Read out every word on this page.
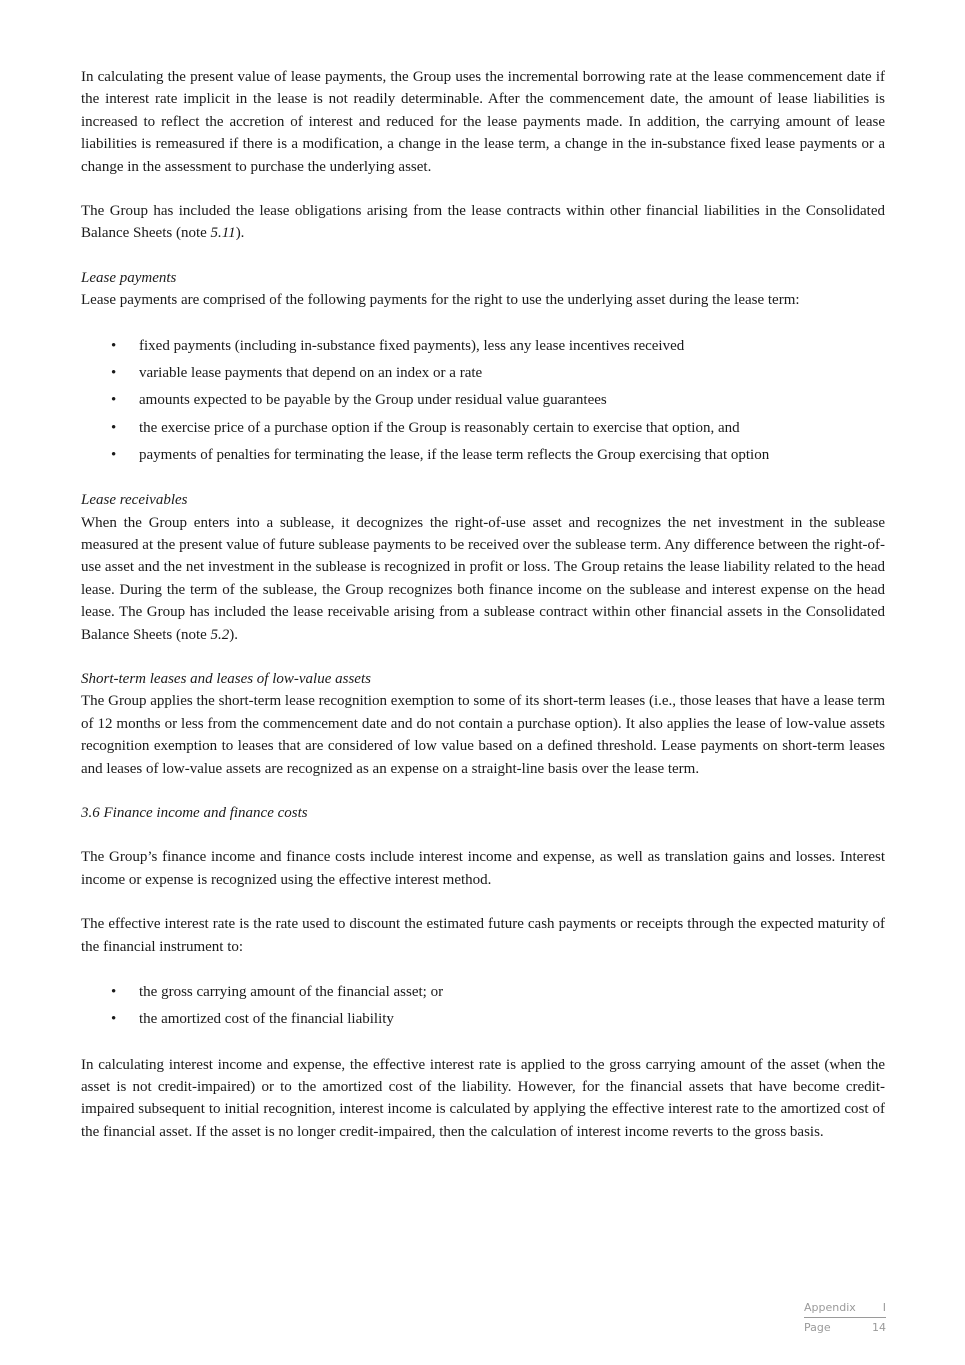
In calculating the present value of lease payments, the Group uses the incremental borrowing rate at the lease commencement date if the interest rate implicit in the lease is not readily determinable. After the commencement date, the amount of lease liabilities is increased to reflect the accretion of interest and reduced for the lease payments made. In addition, the carrying amount of lease liabilities is remeasured if there is a modification, a change in the lease term, a change in the in-substance fixed lease payments or a change in the assessment to purchase the underlying asset.

The Group has included the lease obligations arising from the lease contracts within other financial liabilities in the Consolidated Balance Sheets (note 5.11).

Lease payments

Lease payments are comprised of the following payments for the right to use the underlying asset during the lease term:

• fixed payments (including in-substance fixed payments), less any lease incentives received
• variable lease payments that depend on an index or a rate
• amounts expected to be payable by the Group under residual value guarantees
• the exercise price of a purchase option if the Group is reasonably certain to exercise that option, and
• payments of penalties for terminating the lease, if the lease term reflects the Group exercising that option

Lease receivables

When the Group enters into a sublease, it decognizes the right-of-use asset and recognizes the net investment in the sublease measured at the present value of future sublease payments to be received over the sublease term. Any difference between the right-of-use asset and the net investment in the sublease is recognized in profit or loss. The Group retains the lease liability related to the head lease. During the term of the sublease, the Group recognizes both finance income on the sublease and interest expense on the head lease. The Group has included the lease receivable arising from a sublease contract within other financial assets in the Consolidated Balance Sheets (note 5.2).

Short-term leases and leases of low-value assets

The Group applies the short-term lease recognition exemption to some of its short-term leases (i.e., those leases that have a lease term of 12 months or less from the commencement date and do not contain a purchase option). It also applies the lease of low-value assets recognition exemption to leases that are considered of low value based on a defined threshold. Lease payments on short-term leases and leases of low-value assets are recognized as an expense on a straight-line basis over the lease term.

3.6 Finance income and finance costs

The Group’s finance income and finance costs include interest income and expense, as well as translation gains and losses. Interest income or expense is recognized using the effective interest method.

The effective interest rate is the rate used to discount the estimated future cash payments or receipts through the expected maturity of the financial instrument to:

• the gross carrying amount of the financial asset; or
• the amortized cost of the financial liability

In calculating interest income and expense, the effective interest rate is applied to the gross carrying amount of the asset (when the asset is not credit-impaired) or to the amortized cost of the liability. However, for the financial assets that have become credit-impaired subsequent to initial recognition, interest income is calculated by applying the effective interest rate to the amortized cost of the financial asset. If the asset is no longer credit-impaired, then the calculation of interest income reverts to the gross basis.

Appendix I
Page	14
